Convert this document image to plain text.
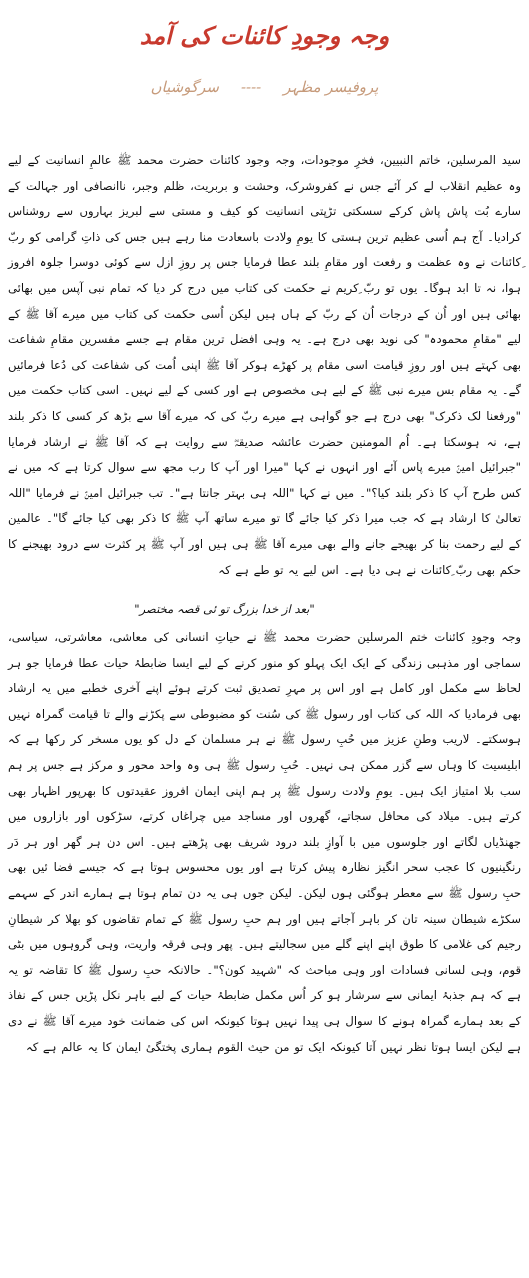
وجہ وجودِ کائنات کی آمد
پروفیسر مظہر
----
سرگوشیاں

سید المرسلین، خاتم النبیین، فخرِ موجودات، وجہ وجود کائنات حضرت محمد ﷺ عالمِ انسانیت کے لیے وہ عظیم انقلاب لے کر آئے جس نے کفروشرک، وحشت و بربریت، ظلم وجبر، ناانصافی اور جہالت کے سارے بُت پاش پاش کرکے سسکتی تڑپتی انسانیت کو کیف و مستی سے لبریز بہاروں سے روشناس کرادیا۔ آج ہم اُسی عظیم ترین ہستی کا یومِ ولادت باسعادت منا رہے ہیں جس کی ذاتِ گرامی کو ربّ ِکائنات نے وہ عظمت و رفعت اور مقامِ بلند عطا فرمایا جس پر روزِ ازل سے کوئی دوسرا جلوہ افروز ہوا، نہ تا ابد ہوگا۔ یوں تو ربّ ِکریم نے حکمت کی کتاب میں درج کر دیا کہ تمام نبی آپس میں بھائی بھائی ہیں اور اُن کے درجات اُن کے ربّ کے ہاں ہیں لیکن اُسی حکمت کی کتاب میں میرے آقا ﷺ کے لیے "مقامِ محمودہ" کی نوید بھی درج ہے۔ یہ وہی افضل ترین مقام ہے جسے مفسرین مقامِ شفاعت بھی کہتے ہیں اور روزِ قیامت اسی مقام پر کھڑے ہوکر آقا ﷺ اپنی اُمت کی شفاعت کی دُعا فرمائیں گے۔ یہ مقام بس میرے نبی ﷺ کے لیے ہی مخصوص ہے اور کسی کے لیے نہیں۔ اسی کتاب حکمت میں "ورفعنا لک ذکرک" بھی درج ہے جو گواہی ہے میرے ربّ کی کہ میرے آقا سے بڑھ کر کسی کا ذکر بلند ہے، نہ ہوسکتا ہے۔ اُم المومنین حضرت عائشہ صدیقہؓ سے روایت ہے کہ آقا ﷺ نے ارشاد فرمایا "جبرائیل امینؑ میرے پاس آئے اور انہوں نے کہا "میرا اور آپ کا رب مجھ سے سوال کرتا ہے کہ میں نے کس طرح آپ کا ذکر بلند کیا؟"۔ میں نے کہا "اللہ ہی بہتر جانتا ہے"۔ تب جبرائیل امینؑ نے فرمایا "اللہ تعالیٰ کا ارشاد ہے کہ جب میرا ذکر کیا جائے گا تو میرے ساتھ آپ ﷺ کا ذکر بھی کیا جائے گا"۔ عالمین کے لیے رحمت بنا کر بھیجے جانے والے بھی میرے آقا ﷺ ہی ہیں اور آپ ﷺ پر کثرت سے درود بھیجنے کا حکم بھی ربّ ِکائنات نے ہی دیا ہے۔ اس لیے یہ تو طے ہے کہ

"بعد از خدا بزرگ تو ئی قصہ مختصر"

وجہ وجودِ کائنات ختم المرسلین حضرت محمد ﷺ نے حیاتِ انسانی کی معاشی، معاشرتی، سیاسی، سماجی اور مذہبی زندگی کے ایک ایک پہلو کو منور کرنے کے لیے ایسا ضابطۂ حیات عطا فرمایا جو ہر لحاظ سے مکمل اور کامل ہے اور اس پر مہرِ تصدیق ثبت کرتے ہوئے اپنے آخری خطبے میں یہ ارشاد بھی فرمادیا کہ اللہ کی کتاب اور رسول ﷺ کی سُنت کو مضبوطی سے پکڑنے والے تا قیامت گمراہ نہیں ہوسکتے۔ لاریب وطنِ عزیز میں حُبِ رسول ﷺ نے ہر مسلمان کے دل کو یوں مسخر کر رکھا ہے کہ ابلیسیت کا وہاں سے گزر ممکن ہی نہیں۔ حُبِ رسول ﷺ ہی وہ واحد محور و مرکز ہے جس پر ہم سب بلا امتیاز ایک ہیں۔ یومِ ولادت رسول ﷺ پر ہم اپنی ایمان افروز عقیدتوں کا بھرپور اظہار بھی کرتے ہیں۔ میلاد کی محافل سجاتے، گھروں اور مساجد میں چراغاں کرتے، سڑکوں اور بازاروں میں جھنڈیاں لگاتے اور جلوسوں میں با آوازِ بلند درود شریف بھی پڑھتے ہیں۔ اس دن ہر گھر اور ہر دَر رنگینیوں کا عجب سحر انگیز نظارہ پیش کرتا ہے اور یوں محسوس ہوتا ہے کہ جیسے فضا ئیں بھی حبِ رسول ﷺ سے معطر ہوگئی ہوں لیکن۔ لیکن جوں ہی یہ دن تمام ہوتا ہے ہمارے اندر کے سہمے سکڑے شیطان سینہ تان کر باہر آجاتے ہیں اور ہم حبِ رسول ﷺ کے تمام تقاضوں کو بھلا کر شیطانِ رجیم کی غلامی کا طوق اپنے اپنے گلے میں سجالیتے ہیں۔ پھر وہی فرقہ واریت، وہی گروہوں میں بٹی قوم، وہی لسانی فسادات اور وہی مباحث کہ "شہید کون؟"۔ حالانکہ حبِ رسول ﷺ کا تقاضہ تو یہ ہے کہ ہم جذبۂ ایمانی سے سرشار ہو کر اُس مکمل ضابطۂ حیات کے لیے باہر نکل پڑیں جس کے نفاذ کے بعد ہمارے گمراہ ہونے کا سوال ہی پیدا نہیں ہوتا کیونکہ اس کی ضمانت خود میرے آقا ﷺ نے دی ہے لیکن ایسا ہوتا نظر نہیں آتا کیونکہ ایک تو من حیث القوم ہماری پختگیٔ ایمان کا یہ عالم ہے کہ
